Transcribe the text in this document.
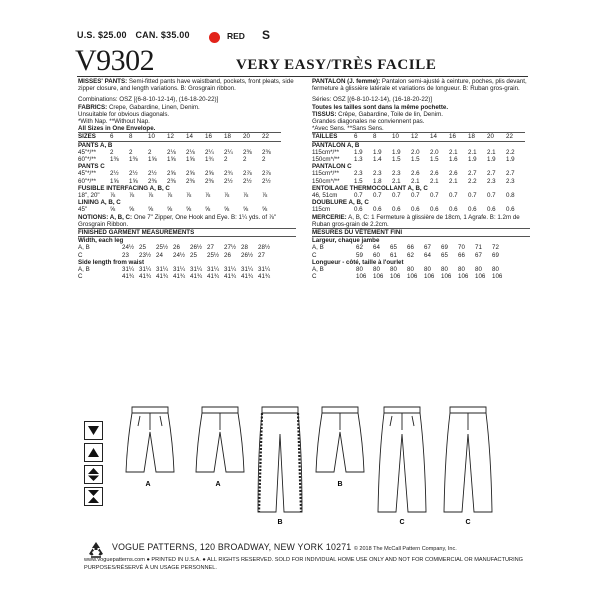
U.S. $25.00 CAN. $35.00	RED S
V9302	VERY EASY/TRÈS FACILE

MISSES' PANTS: Semi-fitted pants have waistband, pockets, front pleats, side zipper closure, and length variations. B: Grosgrain ribbon.

Combinations: OSZ [(6-8-10-12-14), (16-18-20-22)]

FABRICS: Crepe, Gabardine, Linen, Denim.

Unsuitable for obvious diagonals.

*With Nap. **Without Nap.

All Sizes in One Envelope.

SIZES	6	8	10	12	14	16	18	20	22

PANTS A, B

45"*/**	2	2	2	2⅛	2⅛	2¼	2¼	2⅜	2⅜
60"*/**	1⅜	1⅜	1⅝	1⅝	1⅝	1¾	2	2	2

PANTS C

45"*/**	2½	2½	2½	2⅝	2⅝	2⅝	2¾	2⅞	2⅞
60"*/**	1⅝	1⅝	2⅜	2⅜	2⅜	2⅜	2½	2½	2½

FUSIBLE INTERFACING A, B, C

18", 20"	⅞	⅞	⅞	⅞	⅞	⅞	⅞	⅞	⅞

LINING A, B, C

45"	⅝	⅝	⅝	⅝	⅝	⅝	⅝	⅝	⅝

NOTIONS: A, B, C: One 7" Zipper, One Hook and Eye. B: 1¼ yds. of ⅞" Grosgrain Ribbon.

FINISHED GARMENT MEASUREMENTS

Width, each leg

A, B	24½	25	25½	26	26½	27	27½	28	28½
C	23	23½	24	24½	25	25½	26	26½	27

Side length from waist

A, B	31¼	31¼	31¼	31¼	31¼	31¼	31¼	31¼	31¼
C	41¾	41¾	41¾	41¾	41¾	41¾	41¾	41¾	41¾

PANTALON (J. femme): Pantalon semi-ajusté à ceinture, poches, plis devant, fermeture à glissière latérale et variations de longueur. B: Ruban gros-grain.

Séries: OSZ [(6-8-10-12-14), (16-18-20-22)]

Toutes les tailles sont dans la même pochette.

TISSUS: Crêpe, Gabardine, Toile de lin, Denim.

Grandes diagonales ne conviennent pas.

*Avec Sens. **Sans Sens.

TAILLES	6	8	10	12	14	16	18	20	22

PANTALON A, B

115cm*/**	1.9	1.9	1.9	2.0	2.0	2.1	2.1	2.1	2.2
150cm*/**	1.3	1.4	1.5	1.5	1.5	1.6	1.9	1.9	1.9

PANTALON C

115cm*/**	2.3	2.3	2.3	2.6	2.6	2.6	2.7	2.7	2.7
150cm*/**	1.5	1.8	2.1	2.1	2.1	2.1	2.2	2.3	2.3

ENTOILAGE THERMOCOLLANT A, B, C

46, 51cm	0.7	0.7	0.7	0.7	0.7	0.7	0.7	0.7	0.8

DOUBLURE A, B, C

115cm	0.6	0.6	0.6	0.6	0.6	0.6	0.6	0.6	0.6

MERCERIE: A, B, C: 1 Fermeture à glissière de 18cm, 1 Agrafe. B: 1.2m de Ruban gros-grain de 2.2cm.

MESURES DU VÊTEMENT FINI

Largeur, chaque jambe

A, B	62	64	65	66	67	69	70	71	72
C	59	60	61	62	64	65	66	67	69

Longueur - côté, taille à l'ourlet

A, B	80	80	80	80	80	80	80	80	80
C	106	106	106	106	106	106	106	106	106
A	A
B
B
C	C
VOGUE PATTERNS, 120 BROADWAY, NEW YORK 10271 © 2018 The McCall Pattern Company, Inc.
www.voguepatterns.com ● PRINTED IN U.S.A. ● ALL RIGHTS RESERVED. SOLD FOR INDIVIDUAL HOME USE ONLY AND NOT FOR COMMERCIAL OR MANUFACTURING PURPOSES/RÉSERVÉ À UN USAGE PERSONNEL.
